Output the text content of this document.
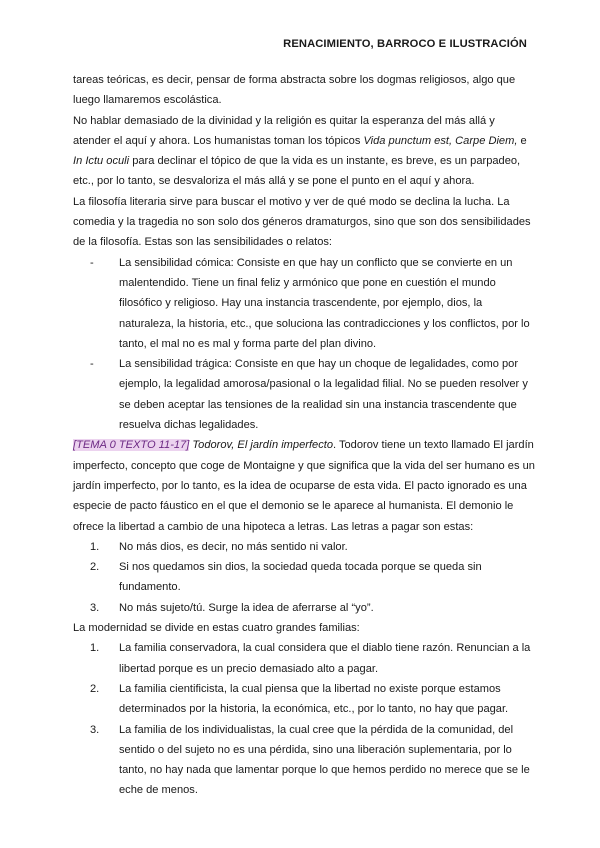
RENACIMIENTO, BARROCO E ILUSTRACIÓN

tareas teóricas, es decir, pensar de forma abstracta sobre los dogmas religiosos, algo que luego llamaremos escolástica.

No hablar demasiado de la divinidad y la religión es quitar la esperanza del más allá y atender el aquí y ahora. Los humanistas toman los tópicos Vida punctum est, Carpe Diem, e In Ictu oculi para declinar el tópico de que la vida es un instante, es breve, es un parpadeo, etc., por lo tanto, se desvaloriza el más allá y se pone el punto en el aquí y ahora.

La filosofía literaria sirve para buscar el motivo y ver de qué modo se declina la lucha. La comedia y la tragedia no son solo dos géneros dramaturgos, sino que son dos sensibilidades de la filosofía. Estas son las sensibilidades o relatos:

- La sensibilidad cómica: Consiste en que hay un conflicto que se convierte en un malentendido. Tiene un final feliz y armónico que pone en cuestión el mundo filosófico y religioso. Hay una instancia trascendente, por ejemplo, dios, la naturaleza, la historia, etc., que soluciona las contradicciones y los conflictos, por lo tanto, el mal no es mal y forma parte del plan divino.
- La sensibilidad trágica: Consiste en que hay un choque de legalidades, como por ejemplo, la legalidad amorosa/pasional o la legalidad filial. No se pueden resolver y se deben aceptar las tensiones de la realidad sin una instancia trascendente que resuelva dichas legalidades.

[TEMA 0 TEXTO 11-17] Todorov, El jardín imperfecto. Todorov tiene un texto llamado El jardín imperfecto, concepto que coge de Montaigne y que significa que la vida del ser humano es un jardín imperfecto, por lo tanto, es la idea de ocuparse de esta vida. El pacto ignorado es una especie de pacto fáustico en el que el demonio se le aparece al humanista. El demonio le ofrece la libertad a cambio de una hipoteca a letras. Las letras a pagar son estas:

1. No más dios, es decir, no más sentido ni valor.
2. Si nos quedamos sin dios, la sociedad queda tocada porque se queda sin fundamento.
3. No más sujeto/tú. Surge la idea de aferrarse al “yo”.

La modernidad se divide en estas cuatro grandes familias:

1. La familia conservadora, la cual considera que el diablo tiene razón. Renuncian a la libertad porque es un precio demasiado alto a pagar.
2. La familia cientificista, la cual piensa que la libertad no existe porque estamos determinados por la historia, la económica, etc., por lo tanto, no hay que pagar.
3. La familia de los individualistas, la cual cree que la pérdida de la comunidad, del sentido o del sujeto no es una pérdida, sino una liberación suplementaria, por lo tanto, no hay nada que lamentar porque lo que hemos perdido no merece que se le eche de menos.
